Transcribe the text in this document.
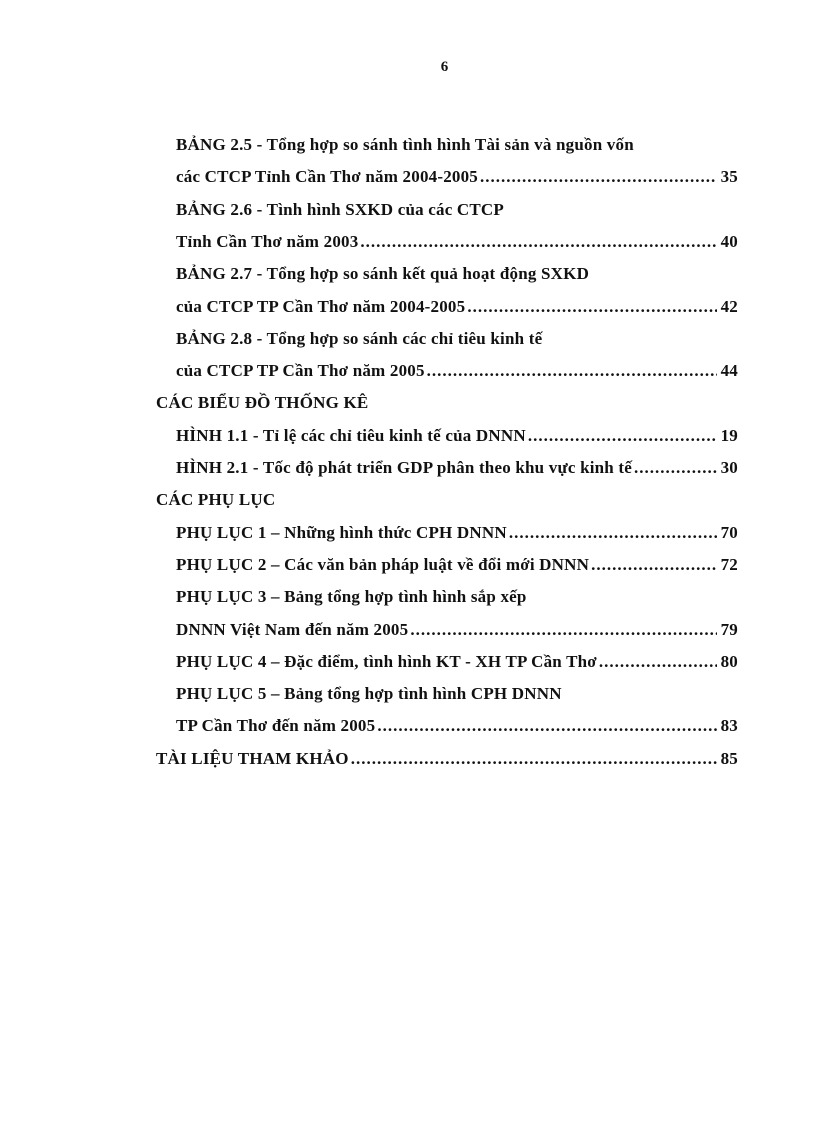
6
BẢNG 2.5 - Tổng hợp so sánh tình hình Tài sản và nguồn vốn
các CTCP Tỉnh Cần Thơ năm 2004-2005 .....	35
BẢNG 2.6 - Tình hình SXKD của các CTCP
Tỉnh Cần Thơ năm 2003 .....	40
BẢNG 2.7 - Tổng hợp so sánh kết quả hoạt động SXKD
của CTCP TP Cần Thơ năm 2004-2005 .....	42
BẢNG 2.8 - Tổng hợp so sánh các chỉ tiêu kinh tế
của CTCP TP Cần Thơ năm 2005 .....	44
CÁC BIỂU ĐỒ THỐNG KÊ
HÌNH 1.1 - Tỉ lệ các chỉ tiêu kinh tế của DNNN .....	19
HÌNH 2.1 - Tốc độ phát triển GDP phân theo khu vực kinh tế .....	30
CÁC PHỤ LỤC
PHỤ LỤC 1 – Những hình thức CPH DNNN .....	70
PHỤ LỤC 2 – Các văn bản pháp luật về đổi mới DNNN .....	72
PHỤ LỤC 3 – Bảng tổng hợp tình hình sắp xếp
DNNN Việt Nam đến năm 2005 .....	79
PHỤ LỤC 4 – Đặc điểm, tình hình KT - XH TP Cần Thơ .....	80
PHỤ LỤC 5 – Bảng tổng hợp tình hình CPH DNNN
TP Cần Thơ đến năm 2005 .....	83
TÀI LIỆU THAM KHẢO .....	85
